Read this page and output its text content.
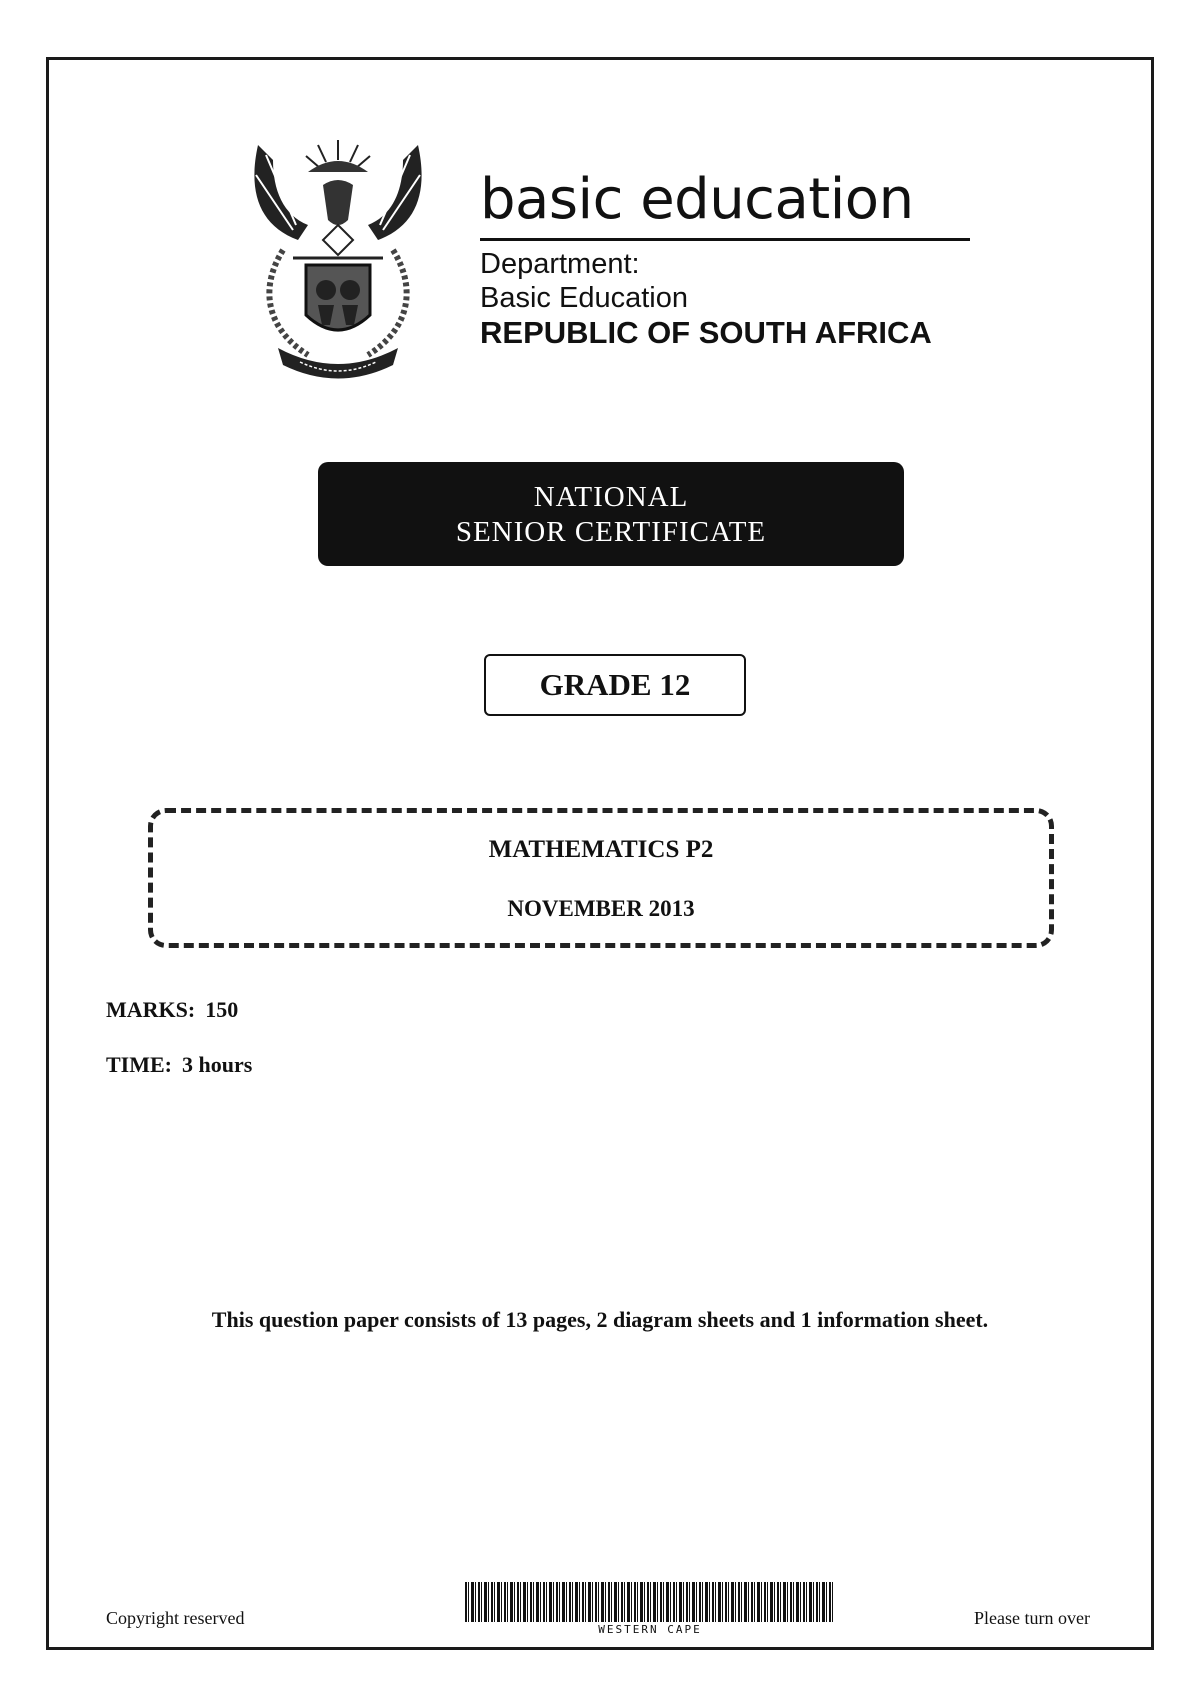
basic education
Department:
Basic Education
REPUBLIC OF SOUTH AFRICA
NATIONAL
SENIOR CERTIFICATE
GRADE 12
MATHEMATICS P2
NOVEMBER 2013
MARKS: 150
TIME: 3 hours
This question paper consists of 13 pages, 2 diagram sheets and 1 information sheet.
Copyright reserved
WESTERN CAPE
Please turn over
